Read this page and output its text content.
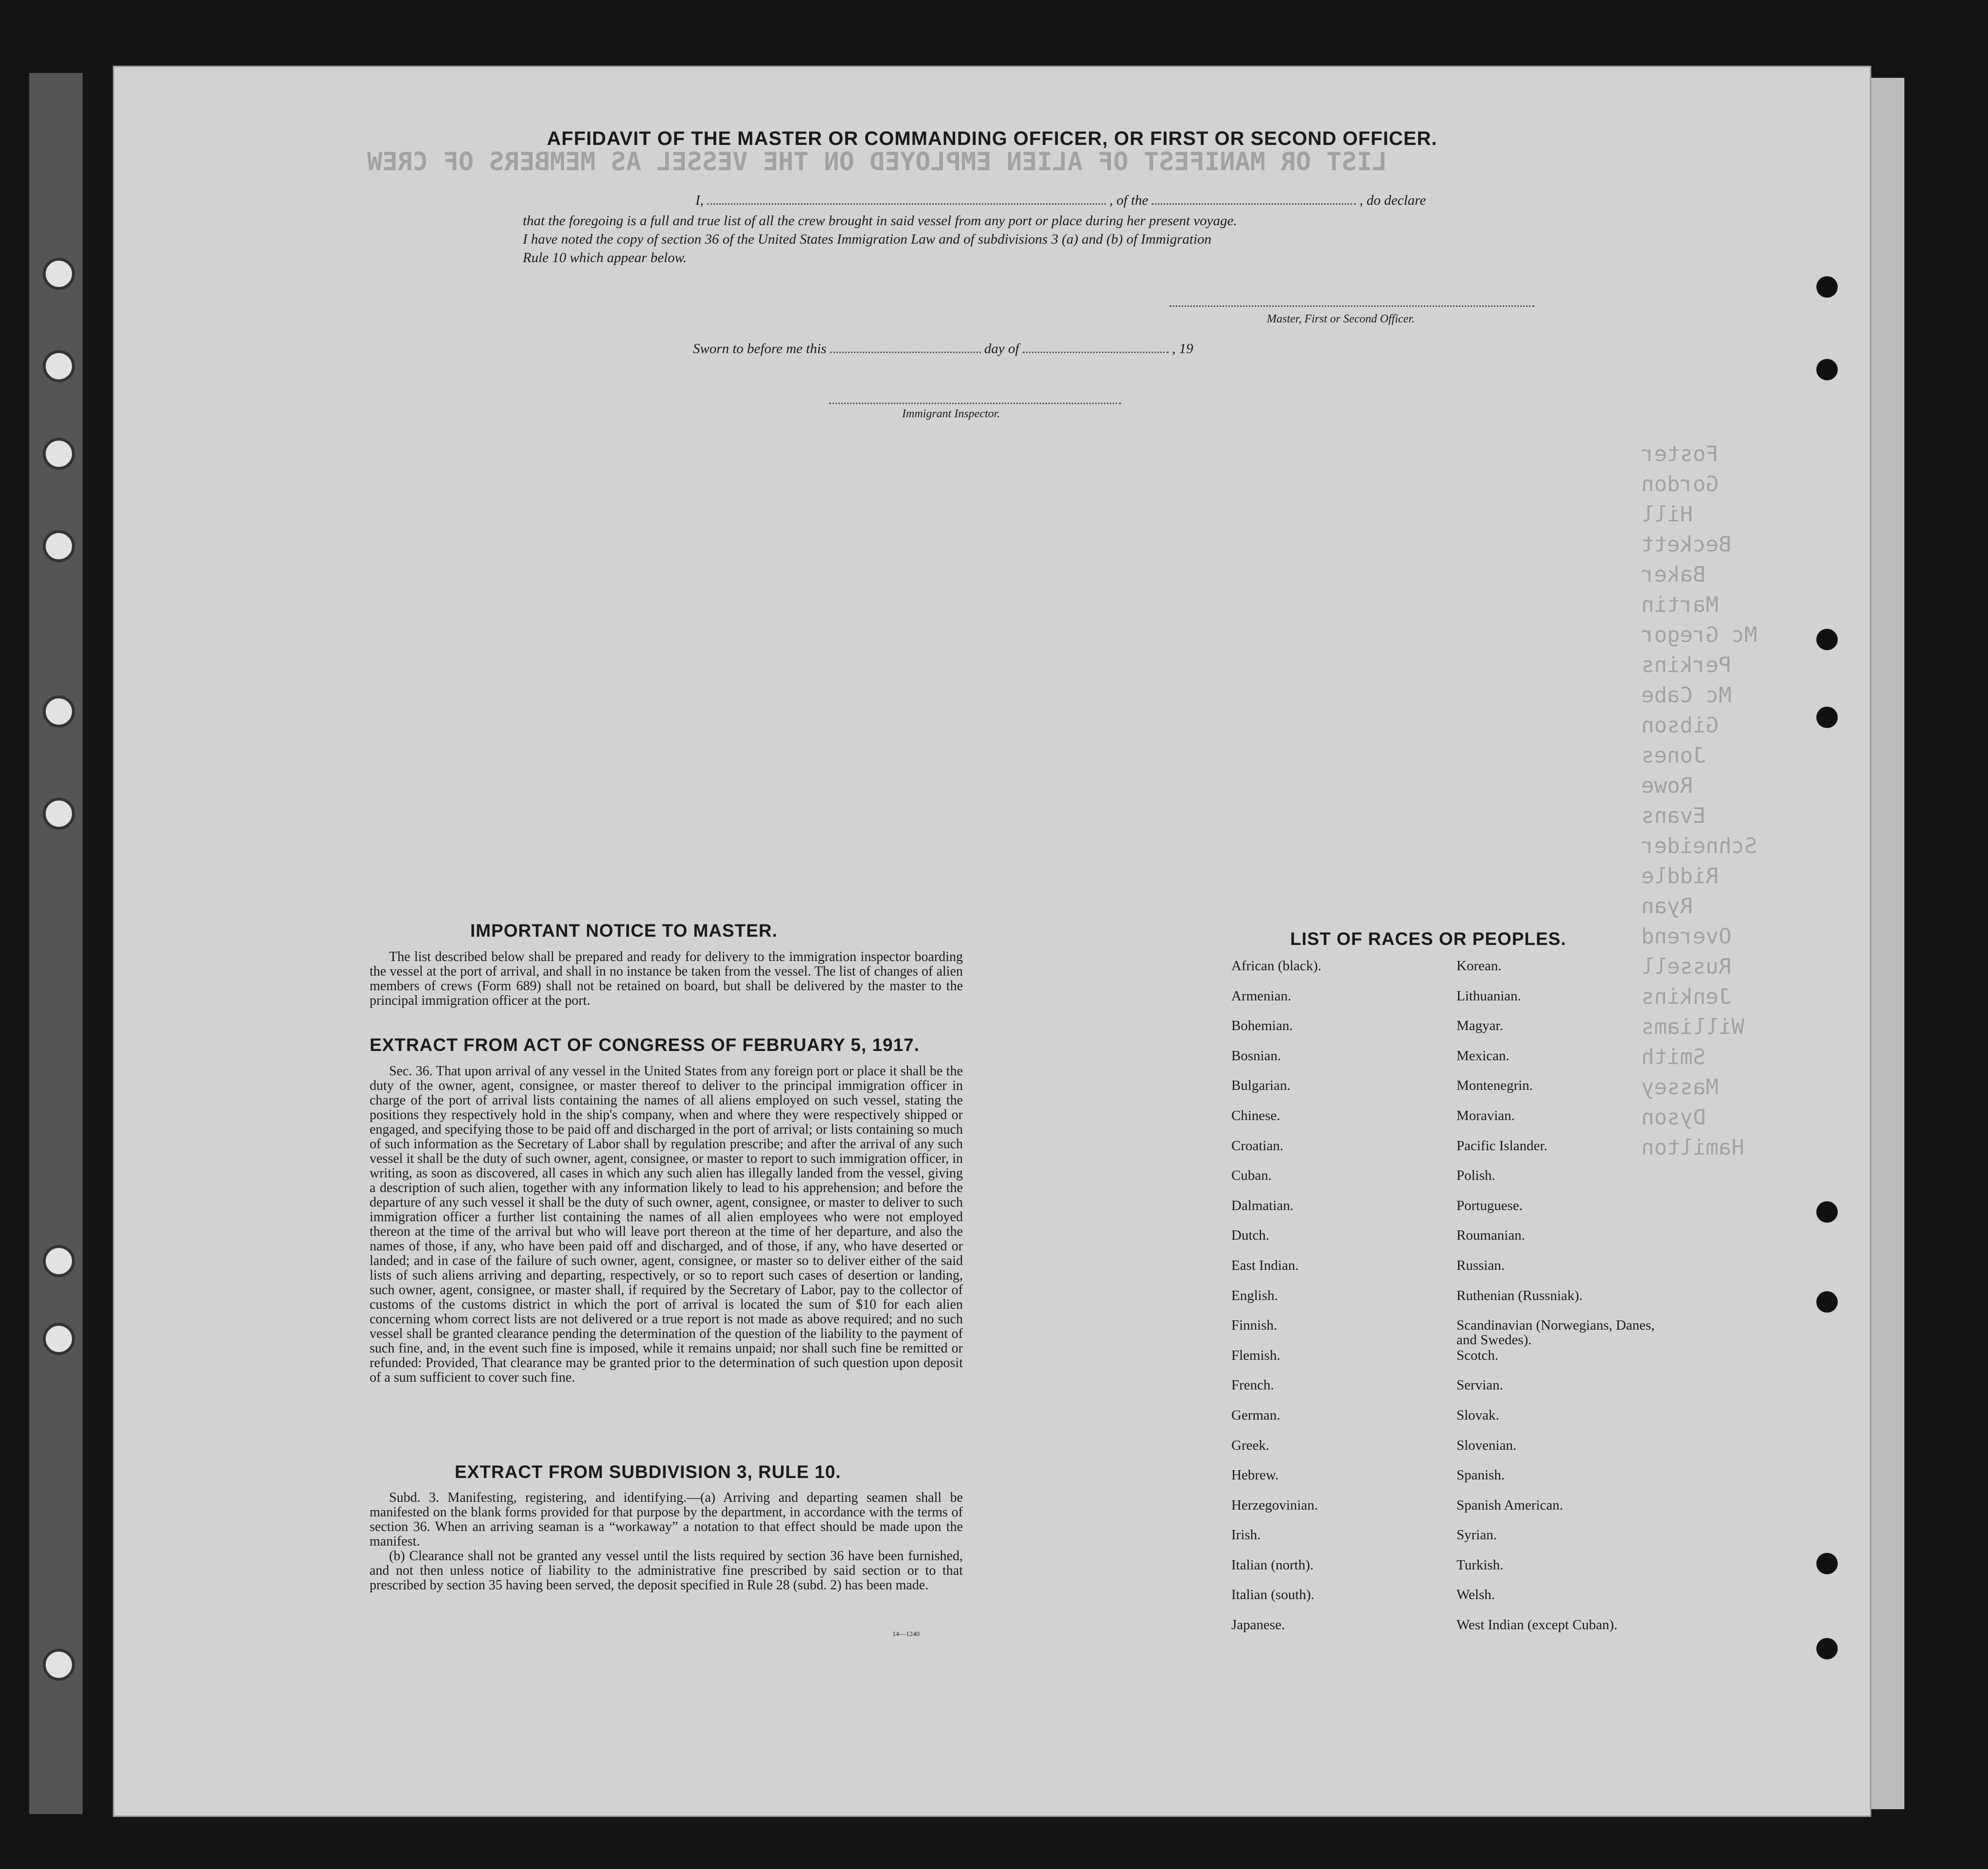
LIST OR MANIFEST OF ALIEN EMPLOYED ON THE VESSEL AS MEMBERS OF CREW
Foster
Gordon
Hill
Beckett
Baker
Martin
Mc Gregor
Perkins
Mc Cabe
Gibson
Jones
Rowe
Evans
Schneider
Riddle
Ryan
Overend
Russell
Jenkins
Williams
Smith
Massey
Dyson
Hamilton
AFFIDAVIT OF THE MASTER OR COMMANDING OFFICER, OR FIRST OR SECOND OFFICER.
I,	, of the	, do declare
that the foregoing is a full and true list of all the crew brought in said vessel from any port or place during her present voyage.
I have noted the copy of section 36 of the United States Immigration Law and of subdivisions 3 (a) and (b) of Immigration
Rule 10 which appear below.
Master, First or Second Officer.
Sworn to before me this	day of	, 19
Immigrant Inspector.
IMPORTANT NOTICE TO MASTER.

The list described below shall be prepared and ready for delivery to the immigration inspector boarding the vessel at the port of arrival, and shall in no instance be taken from the vessel. The list of changes of alien members of crews (Form 689) shall not be retained on board, but shall be delivered by the master to the principal immigration officer at the port.

EXTRACT FROM ACT OF CONGRESS OF FEBRUARY 5, 1917.

Sec. 36. That upon arrival of any vessel in the United States from any foreign port or place it shall be the duty of the owner, agent, consignee, or master thereof to deliver to the principal immigration officer in charge of the port of arrival lists containing the names of all aliens employed on such vessel, stating the positions they respectively hold in the ship's company, when and where they were respectively shipped or engaged, and specifying those to be paid off and discharged in the port of arrival; or lists containing so much of such information as the Secretary of Labor shall by regulation prescribe; and after the arrival of any such vessel it shall be the duty of such owner, agent, consignee, or master to report to such immigration officer, in writing, as soon as discovered, all cases in which any such alien has illegally landed from the vessel, giving a description of such alien, together with any information likely to lead to his apprehension; and before the departure of any such vessel it shall be the duty of such owner, agent, consignee, or master to deliver to such immigration officer a further list containing the names of all alien employees who were not employed thereon at the time of the arrival but who will leave port thereon at the time of her departure, and also the names of those, if any, who have been paid off and discharged, and of those, if any, who have deserted or landed; and in case of the failure of such owner, agent, consignee, or master so to deliver either of the said lists of such aliens arriving and departing, respectively, or so to report such cases of desertion or landing, such owner, agent, consignee, or master shall, if required by the Secretary of Labor, pay to the collector of customs of the customs district in which the port of arrival is located the sum of $10 for each alien concerning whom correct lists are not delivered or a true report is not made as above required; and no such vessel shall be granted clearance pending the determination of the question of the liability to the payment of such fine, and, in the event such fine is imposed, while it remains unpaid; nor shall such fine be remitted or refunded: Provided, That clearance may be granted prior to the determination of such question upon deposit of a sum sufficient to cover such fine.

EXTRACT FROM SUBDIVISION 3, RULE 10.

Subd. 3. Manifesting, registering, and identifying.—(a) Arriving and departing seamen shall be manifested on the blank forms provided for that purpose by the department, in accordance with the terms of section 36. When an arriving seaman is a “workaway” a notation to that effect should be made upon the manifest.

(b) Clearance shall not be granted any vessel until the lists required by section 36 have been furnished, and not then unless notice of liability to the administrative fine prescribed by said section or to that prescribed by section 35 having been served, the deposit specified in Rule 28 (subd. 2) has been made.

14—1240
LIST OF RACES OR PEOPLES.
African (black).
Armenian.
Bohemian.
Bosnian.
Bulgarian.
Chinese.
Croatian.
Cuban.
Dalmatian.
Dutch.
East Indian.
English.
Finnish.
Flemish.
French.
German.
Greek.
Hebrew.
Herzegovinian.
Irish.
Italian (north).
Italian (south).
Japanese.
Korean.
Lithuanian.
Magyar.
Mexican.
Montenegrin.
Moravian.
Pacific Islander.
Polish.
Portuguese.
Roumanian.
Russian.
Ruthenian (Russniak).
Scandinavian (Norwegians, Danes, and Swedes).
Scotch.
Servian.
Slovak.
Slovenian.
Spanish.
Spanish American.
Syrian.
Turkish.
Welsh.
West Indian (except Cuban).
